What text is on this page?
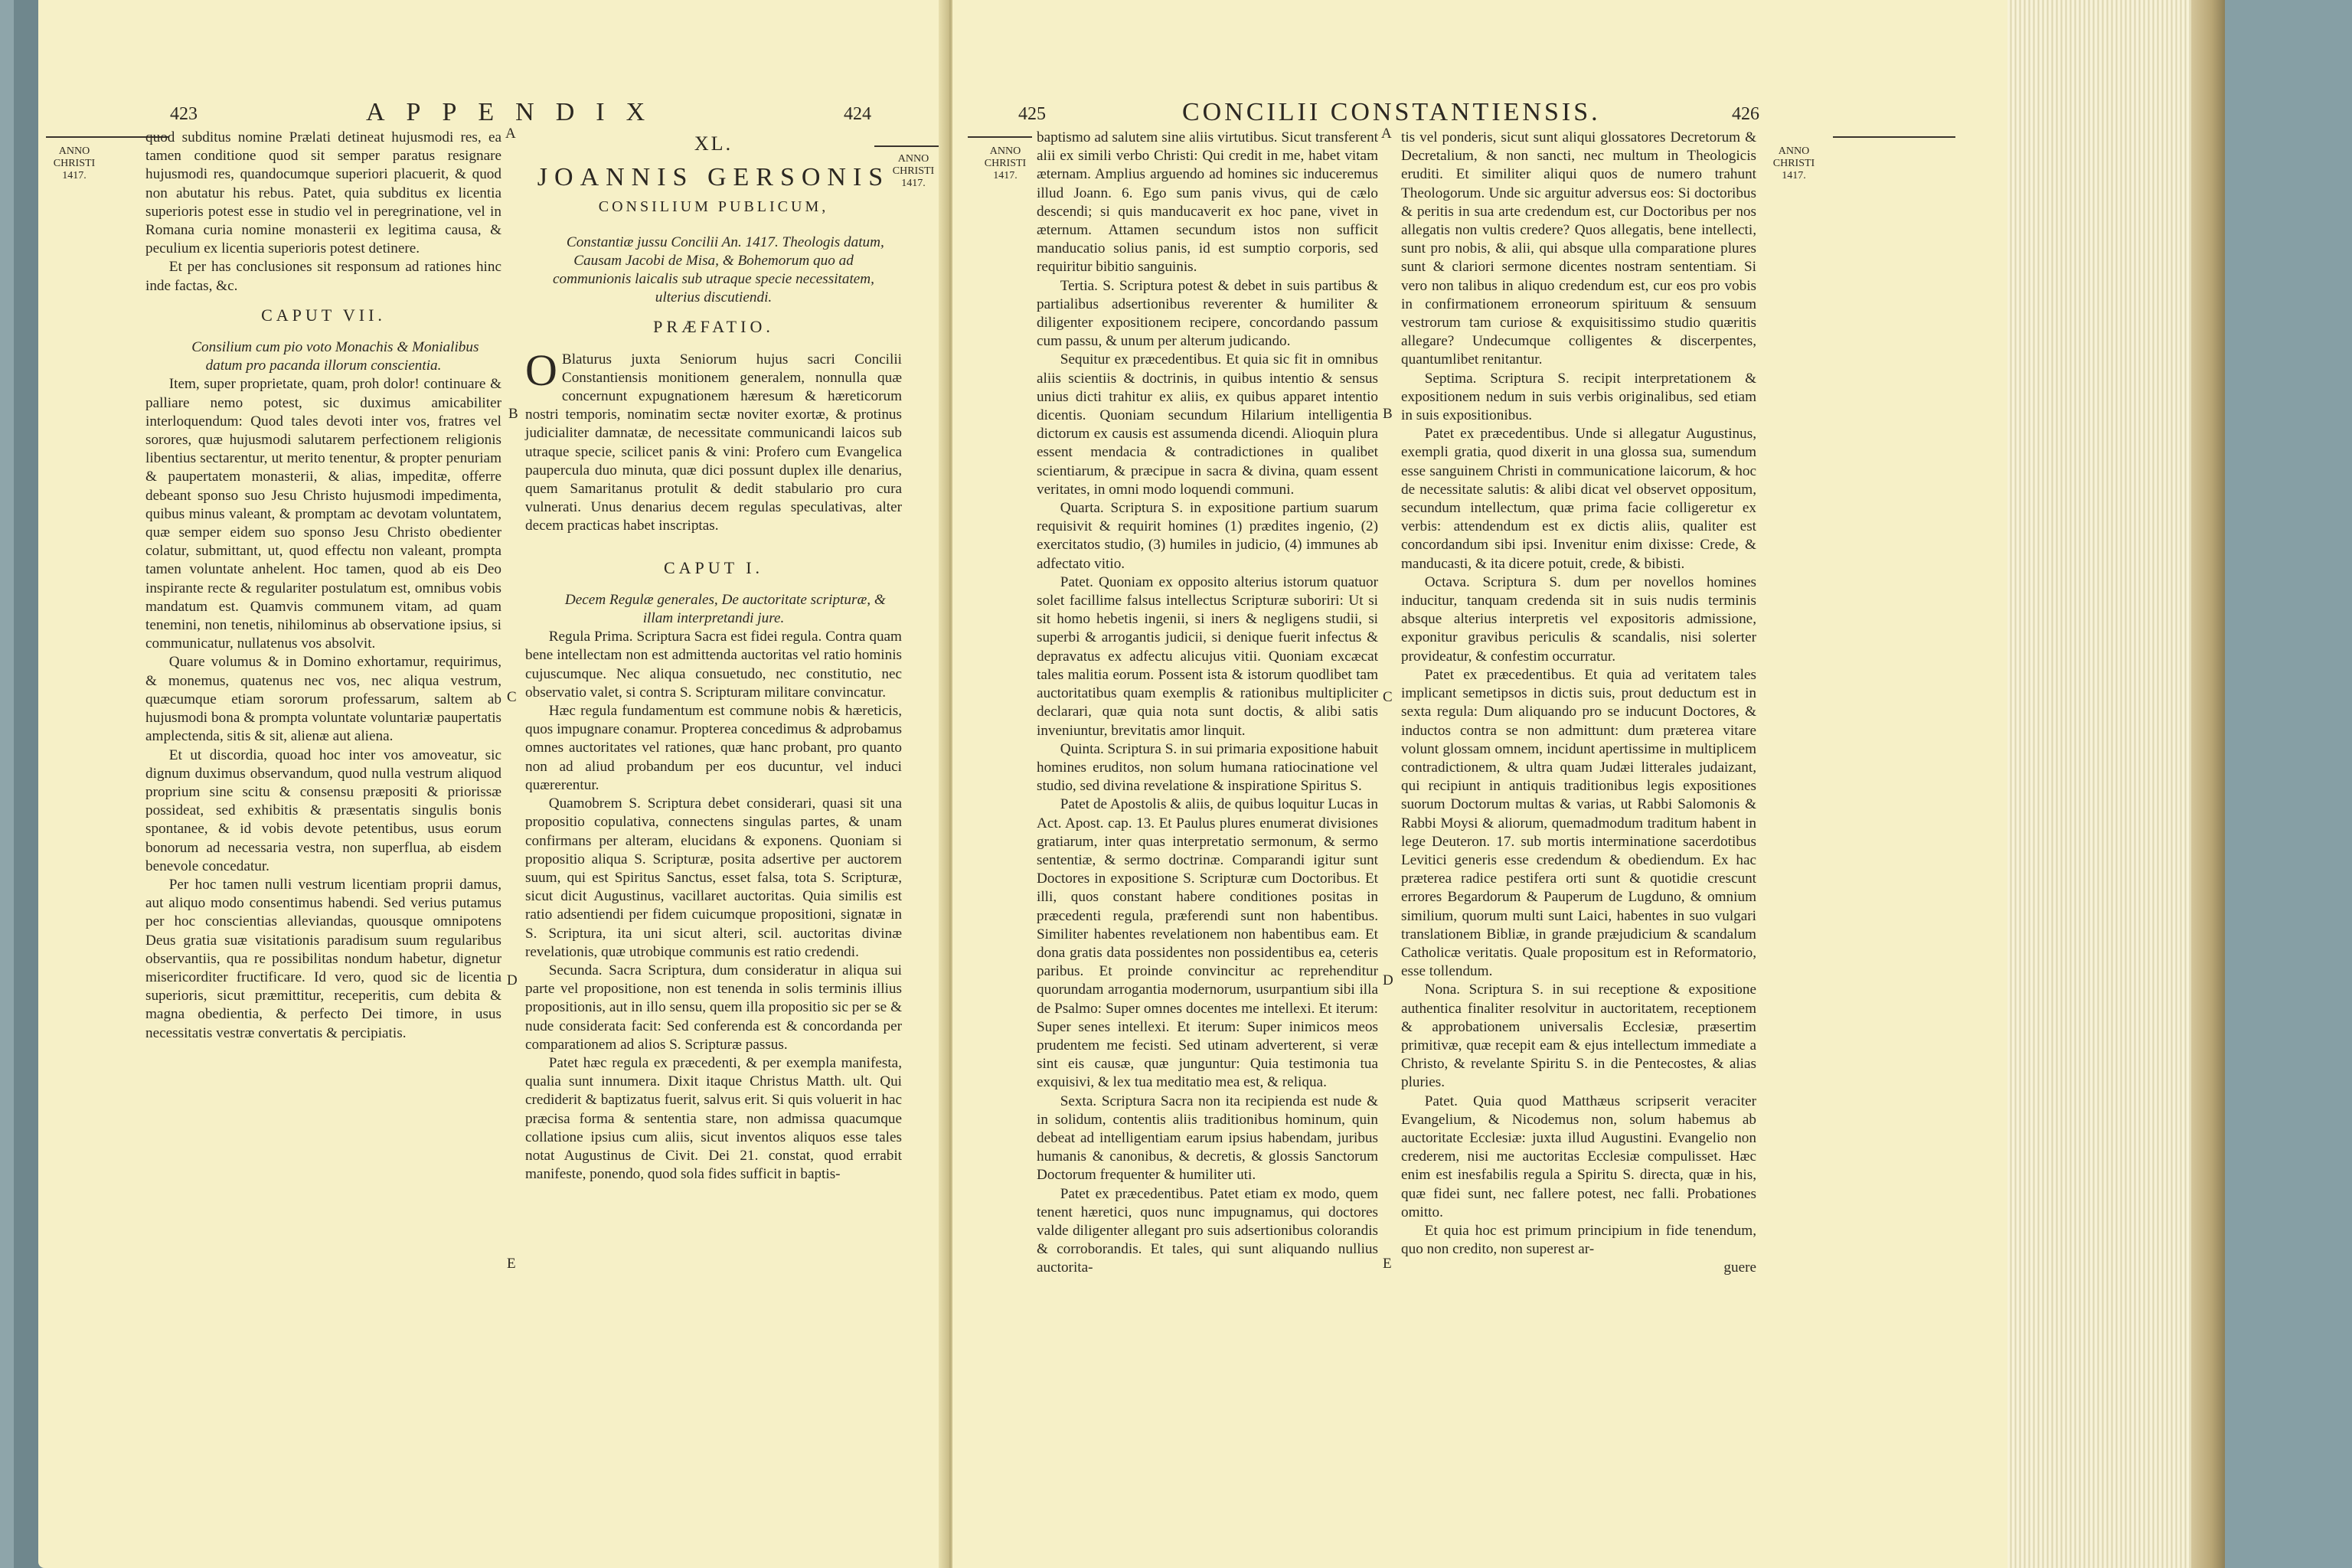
423	APPENDIX	424
ANNO
CHRISTI
1417.
ANNO
CHRISTI
1417.
A
B
C
D
E

quod subditus nomine Prælati detineat hujusmodi res, ea tamen conditione quod sit semper paratus resignare hujusmodi res, quandocumque superiori placuerit, & quod non abutatur his rebus. Patet, quia subditus ex licentia superioris potest esse in studio vel in peregrinatione, vel in Romana curia nomine monasterii ex legitima causa, & peculium ex licentia superioris potest detinere.

Et per has conclusiones sit responsum ad rationes hinc inde factas, &c.

CAPUT VII.

Consilium cum pio voto Monachis & Monialibus datum pro pacanda illorum conscientia.

Item, super proprietate, quam, proh dolor! continuare & palliare nemo potest, sic duximus amicabiliter interloquendum: Quod tales devoti inter vos, fratres vel sorores, quæ hujusmodi salutarem perfectionem religionis libentius sectarentur, ut merito tenentur, & propter penuriam & paupertatem monasterii, & alias, impeditæ, offerre debeant sponso suo Jesu Christo hujusmodi impedimenta, quibus minus valeant, & promptam ac devotam voluntatem, quæ semper eidem suo sponso Jesu Christo obedienter colatur, submittant, ut, quod effectu non valeant, prompta tamen voluntate anhelent. Hoc tamen, quod ab eis Deo inspirante recte & regulariter postulatum est, omnibus vobis mandatum est. Quamvis communem vitam, ad quam tenemini, non tenetis, nihilominus ab observatione ipsius, si communicatur, nullatenus vos absolvit.

Quare volumus & in Domino exhortamur, requirimus, & monemus, quatenus nec vos, nec aliqua vestrum, quæcumque etiam sororum professarum, saltem ab hujusmodi bona & prompta voluntate voluntariæ paupertatis amplectenda, sitis & sit, alienæ aut aliena.

Et ut discordia, quoad hoc inter vos amoveatur, sic dignum duximus observandum, quod nulla vestrum aliquod proprium sine scitu & consensu præpositi & priorissæ possideat, sed exhibitis & præsentatis singulis bonis spontanee, & id vobis devote petentibus, usus eorum bonorum ad necessaria vestra, non superflua, ab eisdem benevole concedatur.

Per hoc tamen nulli vestrum licentiam proprii damus, aut aliquo modo consentimus habendi. Sed verius putamus per hoc conscientias alleviandas, quousque omnipotens Deus gratia suæ visitationis paradisum suum regularibus observantiis, qua re possibilitas nondum habetur, dignetur misericorditer fructificare. Id vero, quod sic de licentia superioris, sicut præmittitur, receperitis, cum debita & magna obedientia, & perfecto Dei timore, in usus necessitatis vestræ convertatis & percipiatis.

XL.
JOANNIS GERSONIS
CONSILIUM PUBLICUM,

Constantiæ jussu Concilii An. 1417. Theologis datum, Causam Jacobi de Misa, & Bohemorum quo ad communionis laicalis sub utraque specie necessitatem, ulterius discutiendi.

PRÆFATIO.

O Blaturus juxta Seniorum hujus sacri Concilii Constantiensis monitionem generalem, nonnulla quæ concernunt expugnationem hæresum & hæreticorum nostri temporis, nominatim sectæ noviter exortæ, & protinus judicialiter damnatæ, de necessitate communicandi laicos sub utraque specie, scilicet panis & vini: Profero cum Evangelica paupercula duo minuta, quæ dici possunt duplex ille denarius, quem Samaritanus protulit & dedit stabulario pro cura vulnerati. Unus denarius decem regulas speculativas, alter decem practicas habet inscriptas.

CAPUT I.

Decem Regulæ generales, De auctoritate scripturæ, & illam interpretandi jure.

Regula Prima. Scriptura Sacra est fidei regula. Contra quam bene intellectam non est admittenda auctoritas vel ratio hominis cujuscumque. Nec aliqua consuetudo, nec constitutio, nec observatio valet, si contra S. Scripturam militare convincatur.

Hæc regula fundamentum est commune nobis & hæreticis, quos impugnare conamur. Propterea concedimus & adprobamus omnes auctoritates vel rationes, quæ hanc probant, pro quanto non ad aliud probandum per eos ducuntur, vel induci quærerentur.

Quamobrem S. Scriptura debet considerari, quasi sit una propositio copulativa, connectens singulas partes, & unam confirmans per alteram, elucidans & exponens. Quoniam si propositio aliqua S. Scripturæ, posita adsertive per auctorem suum, qui est Spiritus Sanctus, esset falsa, tota S. Scripturæ, sicut dicit Augustinus, vacillaret auctoritas. Quia similis est ratio adsentiendi per fidem cuicumque propositioni, signatæ in S. Scriptura, ita uni sicut alteri, scil. auctoritas divinæ revelationis, quæ utrobique communis est ratio credendi.

Secunda. Sacra Scriptura, dum consideratur in aliqua sui parte vel propositione, non est tenenda in solis terminis illius propositionis, aut in illo sensu, quem illa propositio sic per se & nude considerata facit: Sed conferenda est & concordanda per comparationem ad alios S. Scripturæ passus.

Patet hæc regula ex præcedenti, & per exempla manifesta, qualia sunt innumera. Dixit itaque Christus Matth. ult. Qui crediderit & baptizatus fuerit, salvus erit. Si quis voluerit in hac præcisa forma & sententia stare, non admissa quacumque collatione ipsius cum aliis, sicut inventos aliquos esse tales notat Augustinus de Civit. Dei 21. constat, quod errabit manifeste, ponendo, quod sola fides sufficit in baptis-

425	CONCILII CONSTANTIENSIS.	426
ANNO
CHRISTI
1417.
ANNO
CHRISTI
1417.
A
B
C
D
E

baptismo ad salutem sine aliis virtutibus. Sicut transferent alii ex simili verbo Christi: Qui credit in me, habet vitam æternam. Amplius arguendo ad homines sic induceremus illud Joann. 6. Ego sum panis vivus, qui de cælo descendi; si quis manducaverit ex hoc pane, vivet in æternum. Attamen secundum istos non sufficit manducatio solius panis, id est sumptio corporis, sed requiritur bibitio sanguinis.

Tertia. S. Scriptura potest & debet in suis partibus & partialibus adsertionibus reverenter & humiliter & diligenter expositionem recipere, concordando passum cum passu, & unum per alterum judicando.

Sequitur ex præcedentibus. Et quia sic fit in omnibus aliis scientiis & doctrinis, in quibus intentio & sensus unius dicti trahitur ex aliis, ex quibus apparet intentio dicentis. Quoniam secundum Hilarium intelligentia dictorum ex causis est assumenda dicendi. Alioquin plura essent mendacia & contradictiones in qualibet scientiarum, & præcipue in sacra & divina, quam essent veritates, in omni modo loquendi communi.

Quarta. Scriptura S. in expositione partium suarum requisivit & requirit homines (1) prædites ingenio, (2) exercitatos studio, (3) humiles in judicio, (4) immunes ab adfectato vitio.

Patet. Quoniam ex opposito alterius istorum quatuor solet facillime falsus intellectus Scripturæ suboriri: Ut si sit homo hebetis ingenii, si iners & negligens studii, si superbi & arrogantis judicii, si denique fuerit infectus & depravatus ex adfectu alicujus vitii. Quoniam excæcat tales malitia eorum. Possent ista & istorum quodlibet tam auctoritatibus quam exemplis & rationibus multipliciter declarari, quæ quia nota sunt doctis, & alibi satis inveniuntur, brevitatis amor linquit.

Quinta. Scriptura S. in sui primaria expositione habuit homines eruditos, non solum humana ratiocinatione vel studio, sed divina revelatione & inspiratione Spiritus S.

Patet de Apostolis & aliis, de quibus loquitur Lucas in Act. Apost. cap. 13. Et Paulus plures enumerat divisiones gratiarum, inter quas interpretatio sermonum, & sermo sententiæ, & sermo doctrinæ. Comparandi igitur sunt Doctores in expositione S. Scripturæ cum Doctoribus. Et illi, quos constant habere conditiones positas in præcedenti regula, præferendi sunt non habentibus. Similiter habentes revelationem non habentibus eam. Et dona gratis data possidentes non possidentibus ea, ceteris paribus. Et proinde convincitur ac reprehenditur quorundam arrogantia modernorum, usurpantium sibi illa de Psalmo: Super omnes docentes me intellexi. Et iterum: Super senes intellexi. Et iterum: Super inimicos meos prudentem me fecisti. Sed utinam adverterent, si veræ sint eis causæ, quæ junguntur: Quia testimonia tua exquisivi, & lex tua meditatio mea est, & reliqua.

Sexta. Scriptura Sacra non ita recipienda est nude & in solidum, contentis aliis traditionibus hominum, quin debeat ad intelligentiam earum ipsius habendam, juribus humanis & canonibus, & decretis, & glossis Sanctorum Doctorum frequenter & humiliter uti.

Patet ex præcedentibus. Patet etiam ex modo, quem tenent hæretici, quos nunc impugnamus, qui doctores valde diligenter allegant pro suis adsertionibus colorandis & corroborandis. Et tales, qui sunt aliquando nullius auctorita-

tis vel ponderis, sicut sunt aliqui glossatores Decretorum & Decretalium, & non sancti, nec multum in Theologicis eruditi. Et similiter aliqui quos de numero trahunt Theologorum. Unde sic arguitur adversus eos: Si doctoribus & peritis in sua arte credendum est, cur Doctoribus per nos allegatis non vultis credere? Quos allegatis, bene intellecti, sunt pro nobis, & alii, qui absque ulla comparatione plures sunt & clariori sermone dicentes nostram sententiam. Si vero non talibus in aliquo credendum est, cur eos pro vobis in confirmationem erroneorum spirituum & sensuum vestrorum tam curiose & exquisitissimo studio quæritis allegare? Undecumque colligentes & discerpentes, quantumlibet renitantur.

Septima. Scriptura S. recipit interpretationem & expositionem nedum in suis verbis originalibus, sed etiam in suis expositionibus.

Patet ex præcedentibus. Unde si allegatur Augustinus, exempli gratia, quod dixerit in una glossa sua, sumendum esse sanguinem Christi in communicatione laicorum, & hoc de necessitate salutis: & alibi dicat vel observet oppositum, secundum intellectum, quæ prima facie colligeretur ex verbis: attendendum est ex dictis aliis, qualiter est concordandum sibi ipsi. Invenitur enim dixisse: Crede, & manducasti, & ita dicere potuit, crede, & bibisti.

Octava. Scriptura S. dum per novellos homines inducitur, tanquam credenda sit in suis nudis terminis absque alterius interpretis vel expositoris admissione, exponitur gravibus periculis & scandalis, nisi solerter provideatur, & confestim occurratur.

Patet ex præcedentibus. Et quia ad veritatem tales implicant semetipsos in dictis suis, prout deductum est in sexta regula: Dum aliquando pro se inducunt Doctores, & inductos contra se non admittunt: dum præterea vitare volunt glossam omnem, incidunt apertissime in multiplicem contradictionem, & ultra quam Judæi litterales judaizant, qui recipiunt in antiquis traditionibus legis expositiones suorum Doctorum multas & varias, ut Rabbi Salomonis & Rabbi Moysi & aliorum, quemadmodum traditum habent in lege Deuteron. 17. sub mortis interminatione sacerdotibus Levitici generis esse credendum & obediendum. Ex hac præterea radice pestifera orti sunt & quotidie crescunt errores Begardorum & Pauperum de Lugduno, & omnium similium, quorum multi sunt Laici, habentes in suo vulgari translationem Bibliæ, in grande præjudicium & scandalum Catholicæ veritatis. Quale propositum est in Reformatorio, esse tollendum.

Nona. Scriptura S. in sui receptione & expositione authentica finaliter resolvitur in auctoritatem, receptionem & approbationem universalis Ecclesiæ, præsertim primitivæ, quæ recepit eam & ejus intellectum immediate a Christo, & revelante Spiritu S. in die Pentecostes, & alias pluries.

Patet. Quia quod Matthæus scripserit veraciter Evangelium, & Nicodemus non, solum habemus ab auctoritate Ecclesiæ: juxta illud Augustini. Evangelio non crederem, nisi me auctoritas Ecclesiæ compulisset. Hæc enim est inesfabilis regula a Spiritu S. directa, quæ in his, quæ fidei sunt, nec fallere potest, nec falli. Probationes omitto.

Et quia hoc est primum principium in fide tenendum, quo non credito, non superest ar-

guere
